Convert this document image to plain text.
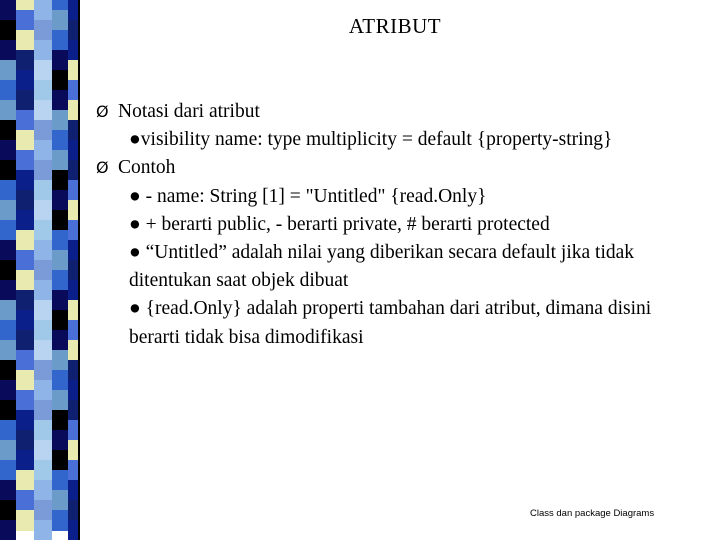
ATRIBUT
Ø Notasi dari atribut
●visibility name: type multiplicity = default {property-string}
Ø Contoh
● - name: String [1] = "Untitled" {read.Only}
● + berarti public, - berarti private, # berarti protected
● “Untitled” adalah nilai yang diberikan secara default jika tidak ditentukan saat objek dibuat
● {read.Only} adalah properti tambahan dari atribut, dimana disini berarti tidak bisa dimodifikasi
Class dan package Diagrams
